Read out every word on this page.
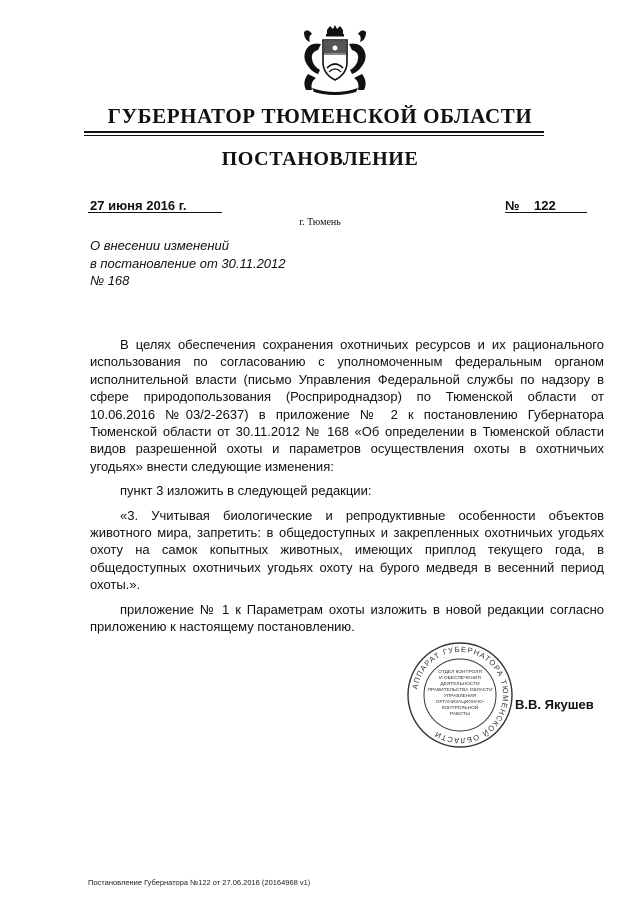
ГУБЕРНАТОР ТЮМЕНСКОЙ ОБЛАСТИ
ПОСТАНОВЛЕНИЕ
27 июня 2016 г.	№ 122
г. Тюмень
О внесении изменений
в постановление от 30.11.2012
№ 168

В целях обеспечения сохранения охотничьих ресурсов и их рационального использования по согласованию с уполномоченным федеральным органом исполнительной власти (письмо Управления Федеральной службы по надзору в сфере природопользования (Росприроднадзор) по Тюменской области от 10.06.2016 №03/2-2637) в приложение № 2 к постановлению Губернатора Тюменской области от 30.11.2012 № 168 «Об определении в Тюменской области видов разрешенной охоты и параметров осуществления охоты в охотничьих угодьях» внести следующие изменения:

пункт 3 изложить в следующей редакции:

«3. Учитывая биологические и репродуктивные особенности объектов животного мира, запретить: в общедоступных и закрепленных охотничьих угодьях охоту на самок копытных животных, имеющих приплод текущего года, в общедоступных охотничьих угодьях охоту на бурого медведя в весенний период охоты.».

приложение № 1 к Параметрам охоты изложить в новой редакции согласно приложению к настоящему постановлению.

АППАРАТ ГУБЕРНАТОРА ТЮМЕНСКОЙ ОБЛАСТИ
ОТДЕЛ КОНТРОЛЯ
И ОБЕСПЕЧЕНИЯ
ДЕЯТЕЛЬНОСТИ
ПРАВИТЕЛЬСТВА ОБЛАСТИ
УПРАВЛЕНИЯ
ОРГАНИЗАЦИОННО-
КОНТРОЛЬНОЙ
РАБОТЫ
В.В. Якушев
Постановление Губернатора №122 от 27.06.2016 (20164968 v1)
